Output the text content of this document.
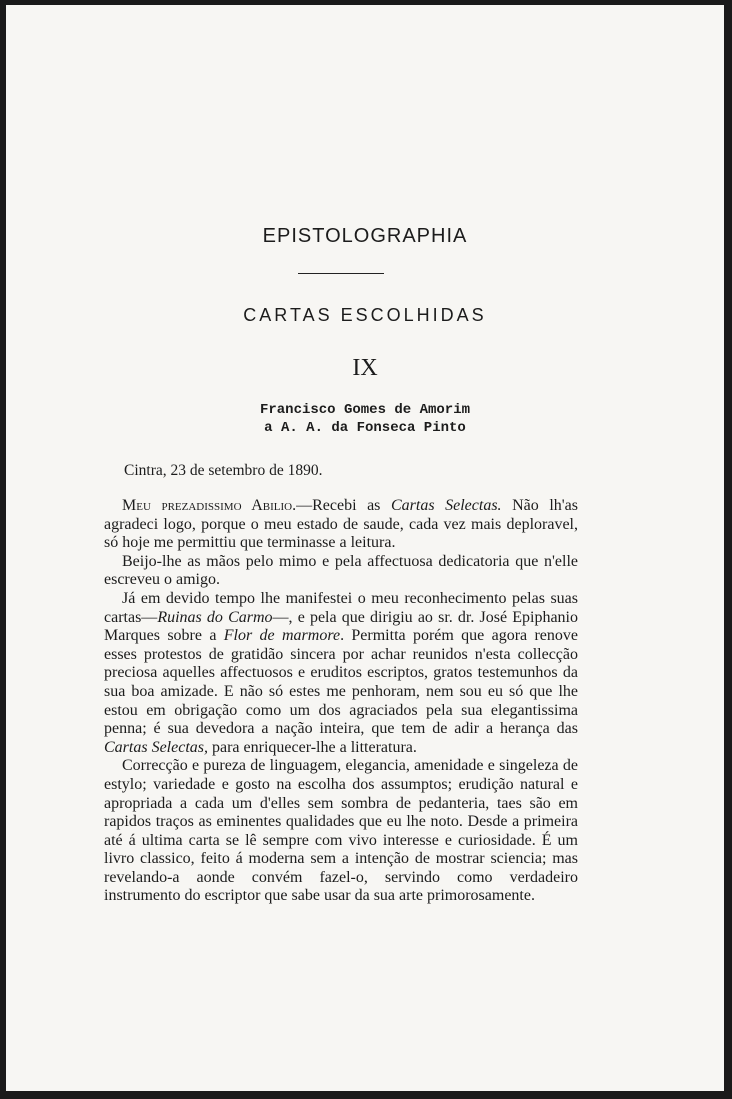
EPISTOLOGRAPHIA
CARTAS ESCOLHIDAS
IX
Francisco Gomes de Amorim
a A. A. da Fonseca Pinto
Cintra, 23 de setembro de 1890.

Meu prezadissimo Abilio.—Recebi as Cartas Selectas. Não lh'as agradeci logo, porque o meu estado de saude, cada vez mais deploravel, só hoje me permittiu que terminasse a leitura.

Beijo-lhe as mãos pelo mimo e pela affectuosa dedicatoria que n'elle escreveu o amigo.

Já em devido tempo lhe manifestei o meu reconhecimento pelas suas cartas—Ruinas do Carmo—, e pela que dirigiu ao sr. dr. José Epiphanio Marques sobre a Flor de marmore. Permitta porém que agora renove esses protestos de gratidão sincera por achar reunidos n'esta collecção preciosa aquelles affectuosos e eruditos escriptos, gratos testemunhos da sua boa amizade. E não só estes me penhoram, nem sou eu só que lhe estou em obrigação como um dos agraciados pela sua elegantissima penna; é sua devedora a nação inteira, que tem de adir a herança das Cartas Selectas, para enriquecer-lhe a litteratura.

Correcção e pureza de linguagem, elegancia, amenidade e singeleza de estylo; variedade e gosto na escolha dos assumptos; erudição natural e apropriada a cada um d'elles sem sombra de pedanteria, taes são em rapidos traços as eminentes qualidades que eu lhe noto. Desde a primeira até á ultima carta se lê sempre com vivo interesse e curiosidade. É um livro classico, feito á moderna sem a intenção de mostrar sciencia; mas revelando-a aonde convém fazel-o, servindo como verdadeiro instrumento do escriptor que sabe usar da sua arte primorosamente.
